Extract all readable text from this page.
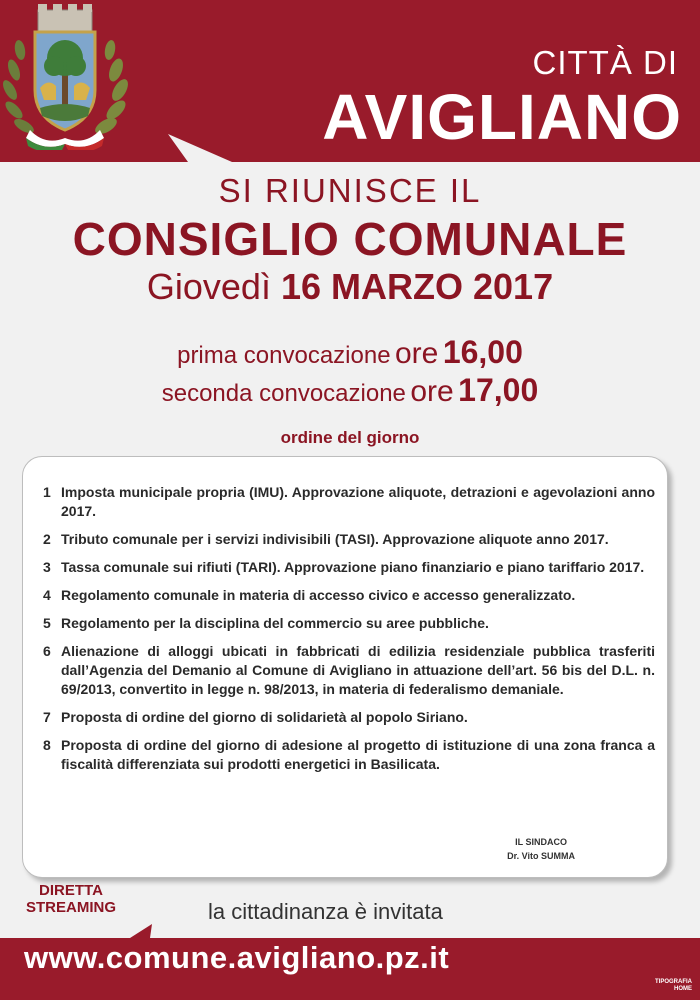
CITTÀ DI
AVIGLIANO
SI RIUNISCE IL
CONSIGLIO COMUNALE
Giovedì 16 MARZO 2017
prima convocazione ore 16,00
seconda convocazione ore 17,00
ordine del giorno
1 Imposta municipale propria (IMU). Approvazione aliquote, detrazioni e agevolazioni anno 2017.
2 Tributo comunale per i servizi indivisibili (TASI). Approvazione aliquote anno 2017.
3 Tassa comunale sui rifiuti (TARI). Approvazione piano finanziario e piano tariffario 2017.
4 Regolamento comunale in materia di accesso civico e accesso generalizzato.
5 Regolamento per la disciplina del commercio su aree pubbliche.
6 Alienazione di alloggi ubicati in fabbricati di edilizia residenziale pubblica trasferiti dall’Agenzia del Demanio al Comune di Avigliano in attuazione dell’art. 56 bis del D.L. n. 69/2013, convertito in legge n. 98/2013, in materia di federalismo demaniale.
7 Proposta di ordine del giorno di solidarietà al popolo Siriano.
8 Proposta di ordine del giorno di adesione al progetto di istituzione di una zona franca a fiscalità differenziata sui prodotti energetici in Basilicata.
IL SINDACO
Dr. Vito SUMMA
DIRETTA
STREAMING	la cittadinanza è invitata
www.comune.avigliano.pz.it
TIPOGRAFIA
HOME
